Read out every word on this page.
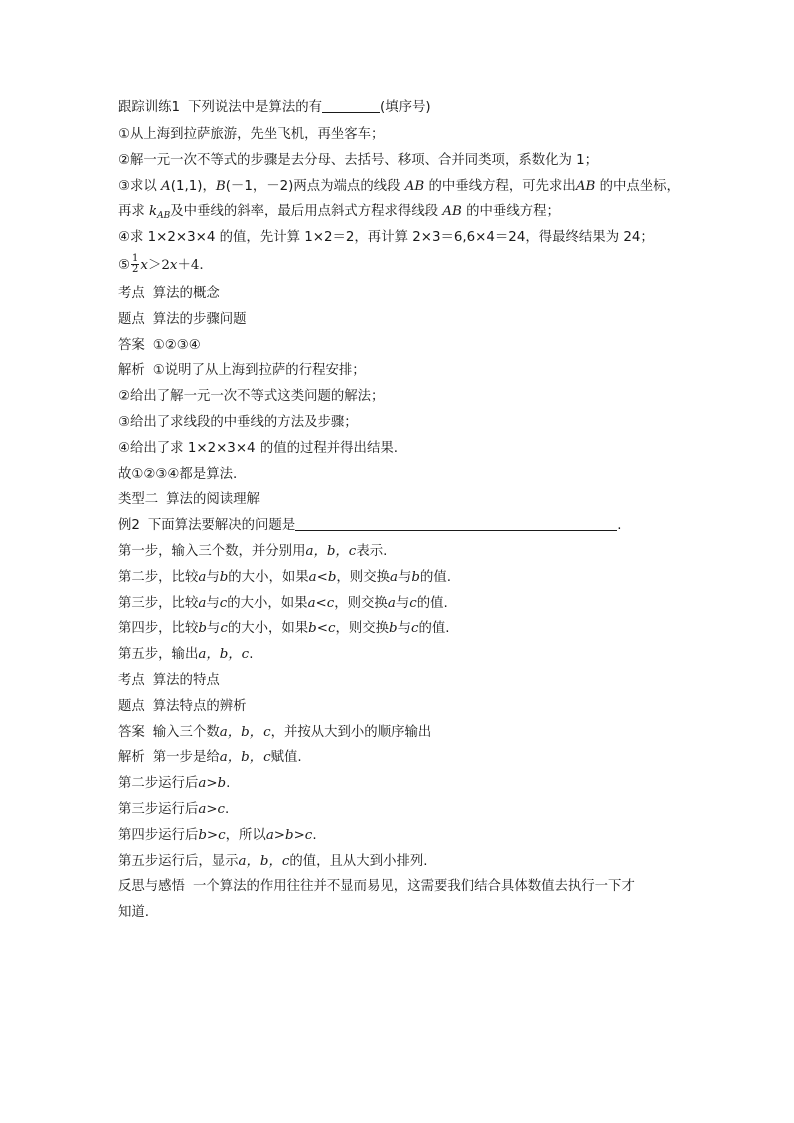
跟踪训练1 下列说法中是算法的有	(填序号)
①从上海到拉萨旅游，先坐飞机，再坐客车；
②解一元一次不等式的步骤是去分母、去括号、移项、合并同类项，系数化为 1；
③求以 A(1,1)，B(－1，－2)两点为端点的线段 AB 的中垂线方程，可先求出AB 的中点坐标，
再求 $k_{AB}$及中垂线的斜率，最后用点斜式方程求得线段 AB 的中垂线方程；
④求 1×2×3×4 的值，先计算 1×2＝2，再计算 2×3＝6,6×4＝24，得最终结果为 24；
⑤ $\frac{1}{2} x>2x+4$.
考点 算法的概念
题点 算法的步骤问题
答案 ①②③④
解析 ①说明了从上海到拉萨的行程安排；
②给出了解一元一次不等式这类问题的解法；
③给出了求线段的中垂线的方法及步骤；
④给出了求 1×2×3×4 的值的过程并得出结果.
故①②③④都是算法.
类型二 算法的阅读理解
例2 下面算法要解决的问题是	.
第一步，输入三个数，并分别用a，b，c表示.
第二步，比较a与b的大小，如果a<b，则交换a与b的值.
第三步，比较a与c的大小，如果a<c，则交换a与c的值.
第四步，比较b与c的大小，如果b<c，则交换b与c的值.
第五步，输出a，b，c.
考点 算法的特点
题点 算法特点的辨析
答案 输入三个数a，b，c，并按从大到小的顺序输出
解析 第一步是给a，b，c赋值.
第二步运行后a>b.
第三步运行后a>c.
第四步运行后b>c，所以a>b>c.
第五步运行后，显示a，b，c的值，且从大到小排列.
反思与感悟 一个算法的作用往往并不显而易见，这需要我们结合具体数值去执行一下才
知道.
